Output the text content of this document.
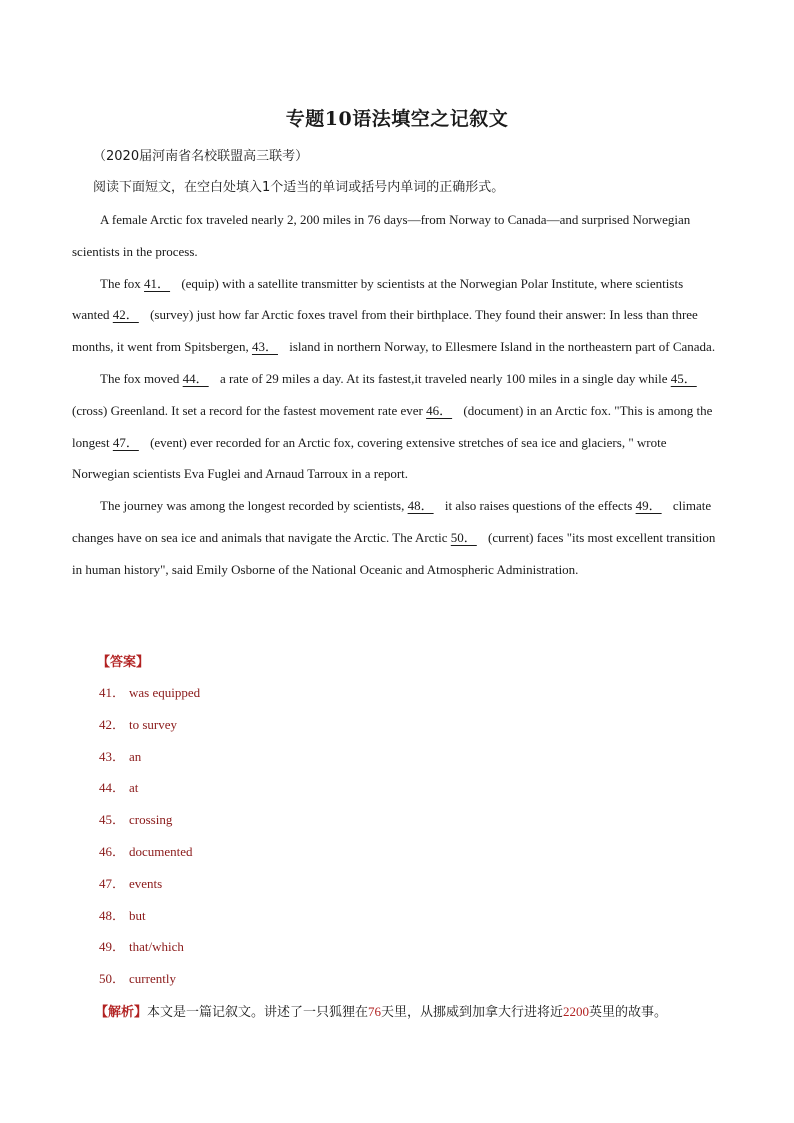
专题10语法填空之记叙文
（2020届河南省名校联盟高三联考）
阅读下面短文，在空白处填入1个适当的单词或括号内单词的正确形式。

A female Arctic fox traveled nearly 2, 200 miles in 76 days—from Norway to Canada—and surprised Norwegian scientists in the process.

The fox 41． (equip) with a satellite transmitter by scientists at the Norwegian Polar Institute, where scientists wanted 42． (survey) just how far Arctic foxes travel from their birthplace. They found their answer: In less than three months, it went from Spitsbergen, 43． island in northern Norway, to Ellesmere Island in the northeastern part of Canada.

The fox moved 44． a rate of 29 miles a day. At its fastest,it traveled nearly 100 miles in a single day while 45． (cross) Greenland. It set a record for the fastest movement rate ever 46． (document) in an Arctic fox. "This is among the longest 47． (event) ever recorded for an Arctic fox, covering extensive stretches of sea ice and glaciers, " wrote Norwegian scientists Eva Fuglei and Arnaud Tarroux in a report.

The journey was among the longest recorded by scientists, 48． it also raises questions of the effects 49． climate changes have on sea ice and animals that navigate the Arctic. The Arctic 50． (current) faces "its most excellent transition in human history", said Emily Osborne of the National Oceanic and Atmospheric Administration.

【答案】
41． was equipped
42． to survey
43． an
44． at
45． crossing
46． documented
47． events
48． but
49． that/which
50． currently
【解析】本文是一篇记叙文。讲述了一只狐狸在76天里，从挪威到加拿大行进将近2200英里的故事。
